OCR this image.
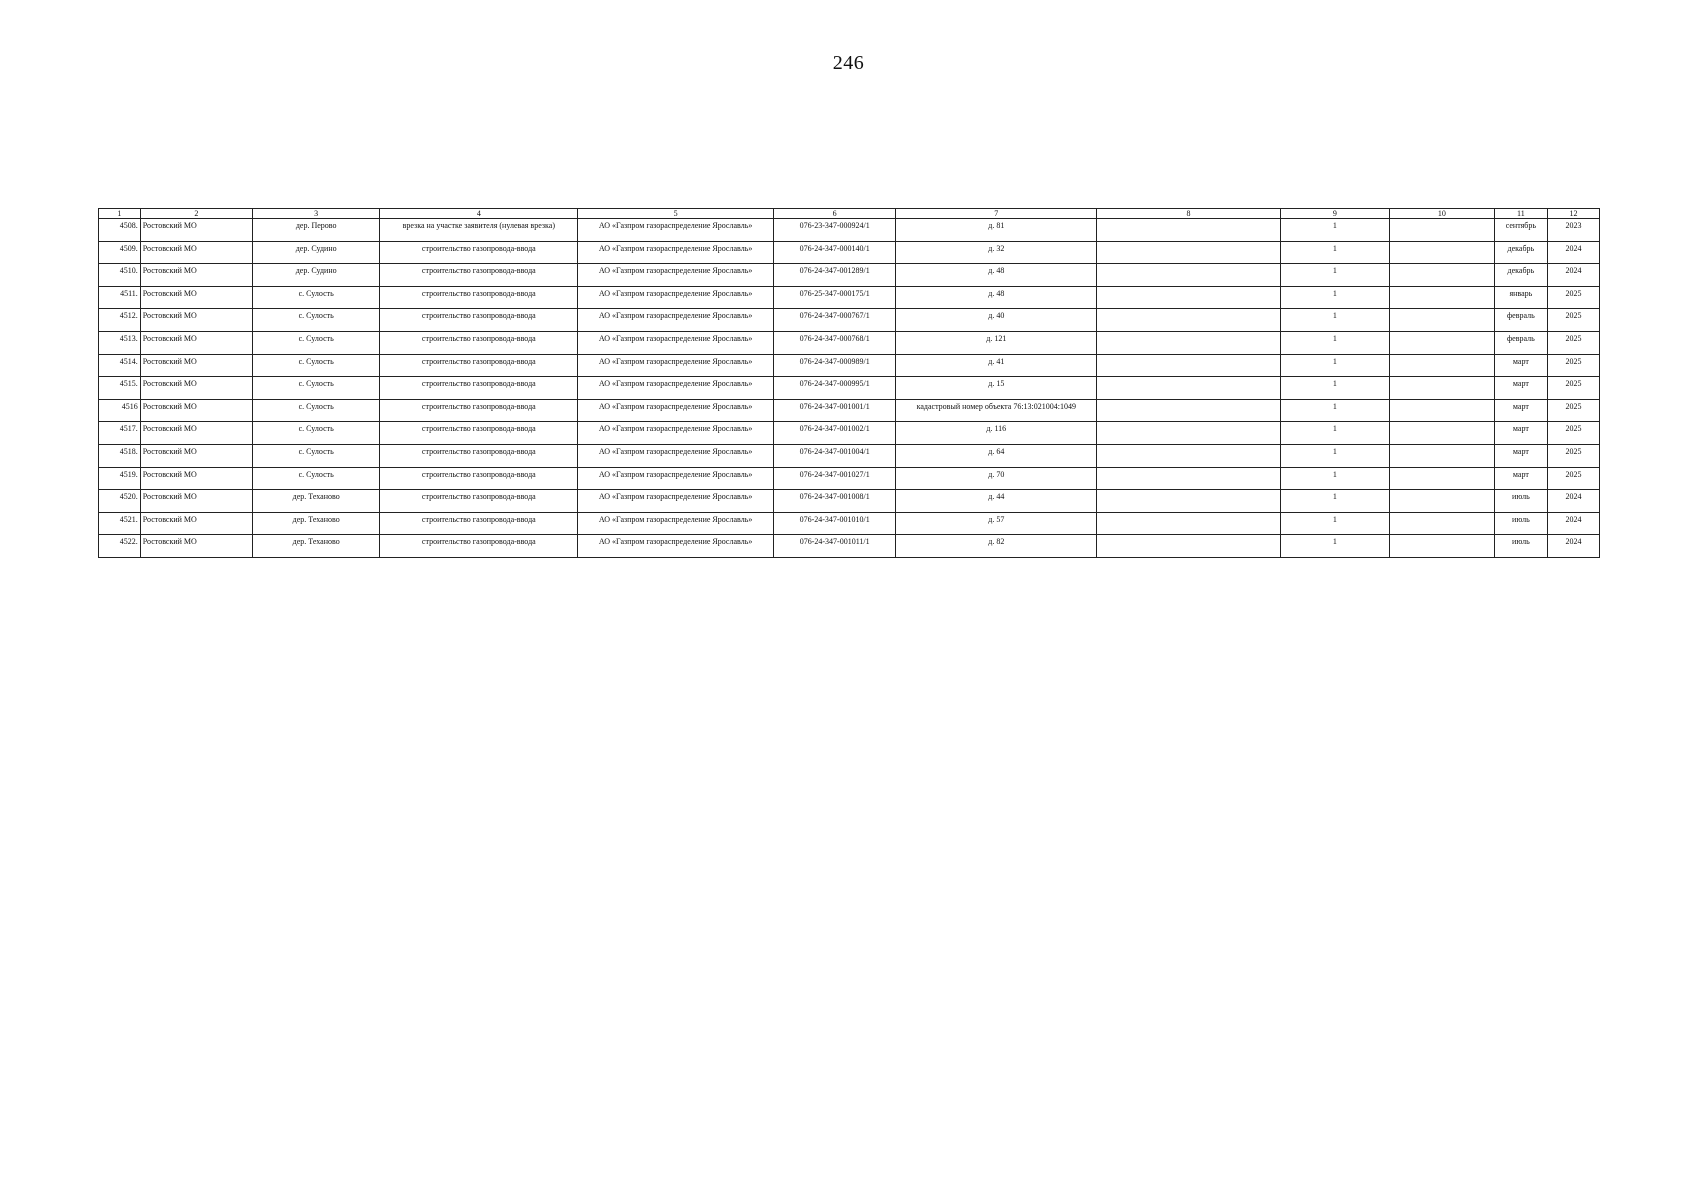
246
1	2	3	4	5	6	7	8	9	10	11	12
4508.	Ростовский МО	дер. Перово	врезка на участке заявителя (нулевая врезка)	АО «Газпром газораспределение Ярославль»	076-23-347-000924/1	д. 81		1		сентябрь	2023
4509.	Ростовский МО	дер. Судино	строительство газопровода-ввода	АО «Газпром газораспределение Ярославль»	076-24-347-000140/1	д. 32		1		декабрь	2024
4510.	Ростовский МО	дер. Судино	строительство газопровода-ввода	АО «Газпром газораспределение Ярославль»	076-24-347-001289/1	д. 48		1		декабрь	2024
4511.	Ростовский МО	с. Сулость	строительство газопровода-ввода	АО «Газпром газораспределение Ярославль»	076-25-347-000175/1	д. 48		1		январь	2025
4512.	Ростовский МО	с. Сулость	строительство газопровода-ввода	АО «Газпром газораспределение Ярославль»	076-24-347-000767/1	д. 40		1		февраль	2025
4513.	Ростовский МО	с. Сулость	строительство газопровода-ввода	АО «Газпром газораспределение Ярославль»	076-24-347-000768/1	д. 121		1		февраль	2025
4514.	Ростовский МО	с. Сулость	строительство газопровода-ввода	АО «Газпром газораспределение Ярославль»	076-24-347-000989/1	д. 41		1		март	2025
4515.	Ростовский МО	с. Сулость	строительство газопровода-ввода	АО «Газпром газораспределение Ярославль»	076-24-347-000995/1	д. 15		1		март	2025
4516	Ростовский МО	с. Сулость	строительство газопровода-ввода	АО «Газпром газораспределение Ярославль»	076-24-347-001001/1	кадастровый номер объекта 76:13:021004:1049		1		март	2025
4517.	Ростовский МО	с. Сулость	строительство газопровода-ввода	АО «Газпром газораспределение Ярославль»	076-24-347-001002/1	д. 116		1		март	2025
4518.	Ростовский МО	с. Сулость	строительство газопровода-ввода	АО «Газпром газораспределение Ярославль»	076-24-347-001004/1	д. 64		1		март	2025
4519.	Ростовский МО	с. Сулость	строительство газопровода-ввода	АО «Газпром газораспределение Ярославль»	076-24-347-001027/1	д. 70		1		март	2025
4520.	Ростовский МО	дер. Теханово	строительство газопровода-ввода	АО «Газпром газораспределение Ярославль»	076-24-347-001008/1	д. 44		1		июль	2024
4521.	Ростовский МО	дер. Теханово	строительство газопровода-ввода	АО «Газпром газораспределение Ярославль»	076-24-347-001010/1	д. 57		1		июль	2024
4522.	Ростовский МО	дер. Теханово	строительство газопровода-ввода	АО «Газпром газораспределение Ярославль»	076-24-347-001011/1	д. 82		1		июль	2024
